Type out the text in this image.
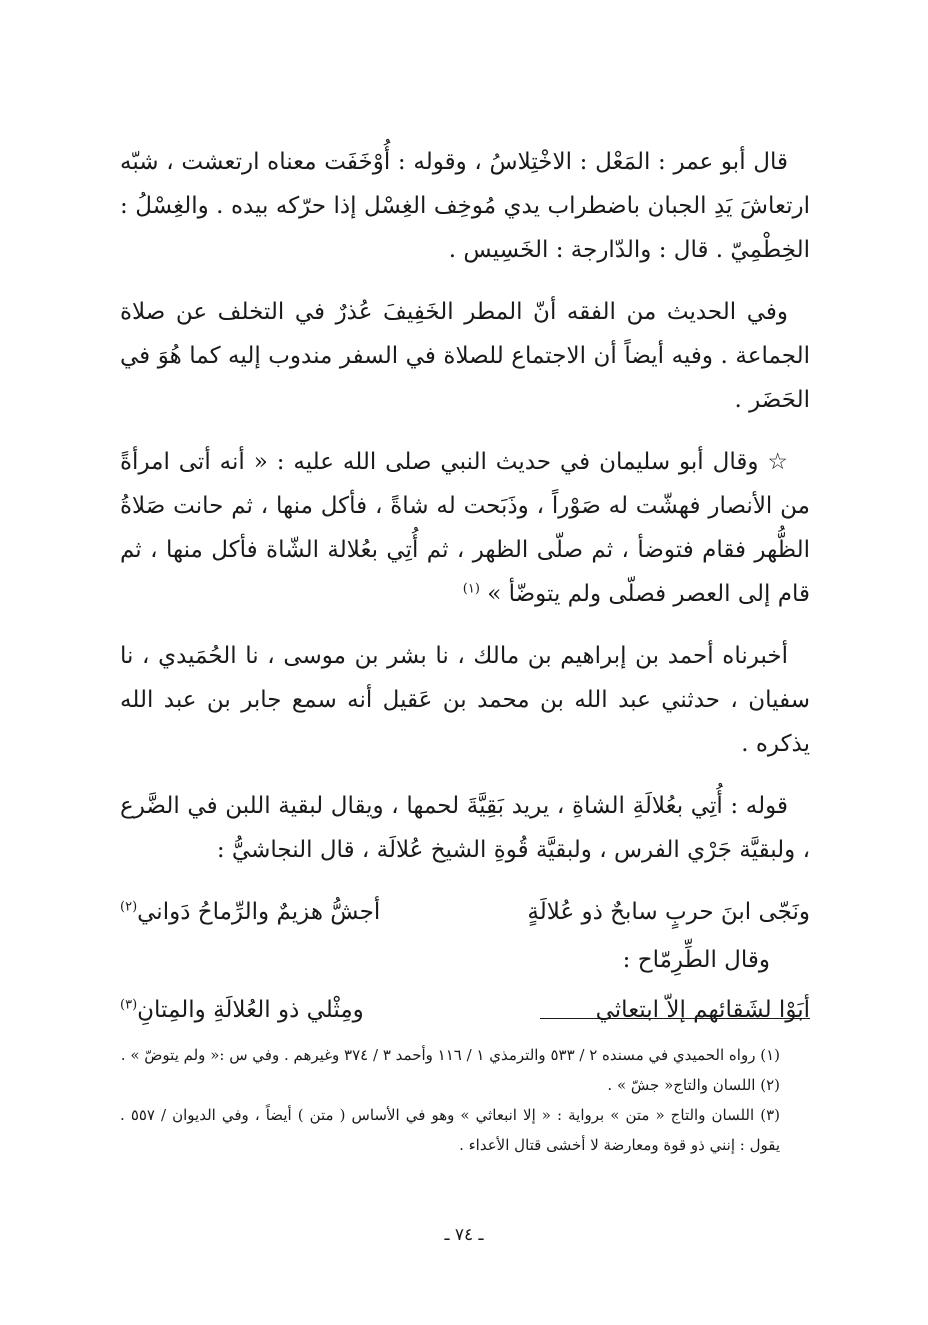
قال أبو عمر : المَعْل : الاخْتِلاسُ ، وقوله : أُوْخَفَت معناه ارتعشت ، شبّه ارتعاشَ يَدِ الجبان باضطراب يدي مُوخِف الغِسْل إذا حرّكه بيده . والغِسْلُ : الخِطْمِيّ . قال : والدّارجة : الخَسِيس .

وفي الحديث من الفقه أنّ المطر الخَفِيفَ عُذرٌ في التخلف عن صلاة الجماعة . وفيه أيضاً أن الاجتماع للصلاة في السفر مندوب إليه كما هُوَ في الحَضَر .

☆ وقال أبو سليمان في حديث النبي صلى الله عليه : « أنه أتى امرأةً من الأنصار فهشّت له صَوْراً ، وذَبَحت له شاةً ، فأكل منها ، ثم حانت صَلاةُ الظُّهر فقام فتوضأ ، ثم صلّى الظهر ، ثم أُتِي بعُلالة الشّاة فأكل منها ، ثم قام إلى العصر فصلّى ولم يتوضّأ » $^{(١)}$

أخبرناه أحمد بن إبراهيم بن مالك ، نا بشر بن موسى ، نا الحُمَيدي ، نا سفيان ، حدثني عبد الله بن محمد بن عَقيل أنه سمع جابر بن عبد الله يذكره .

قوله : أُتِي بعُلالَةِ الشاةِ ، يريد بَقِيَّةَ لحمها ، ويقال لبقية اللبن في الضَّرع ، ولبقيَّة جَرْي الفرس ، ولبقيَّة قُوةِ الشيخ عُلالَة ، قال النجاشيُّ :

ونَجّى ابنَ حربٍ سابحٌ ذو عُلالَةٍ
أجشُّ هزيمٌ والرِّماحُ دَواني$^{(٢)}$

وقال الطِّرِمّاح :

أبَوْا لشَقائهم إلاّ ابتعاثي
ومِثْلي ذو العُلالَةِ والمِتانِ$^{(٣)}$

(١) رواه الحميدي في مسنده ٢ / ٥٣٣ والترمذي ١ / ١١٦ وأحمد ٣ / ٣٧٤ وغيرهم . وفي س :« ولم يتوضّ » .

(٢) اللسان والتاج« جشّ » .

(٣) اللسان والتاج « متن » برواية : « إلا انبعاثي » وهو في الأساس ( متن ) أيضاً ، وفي الديوان / ٥٥٧ . يقول : إنني ذو قوة ومعارضة لا أخشى قتال الأعداء .

ـ ٧٤ ـ
